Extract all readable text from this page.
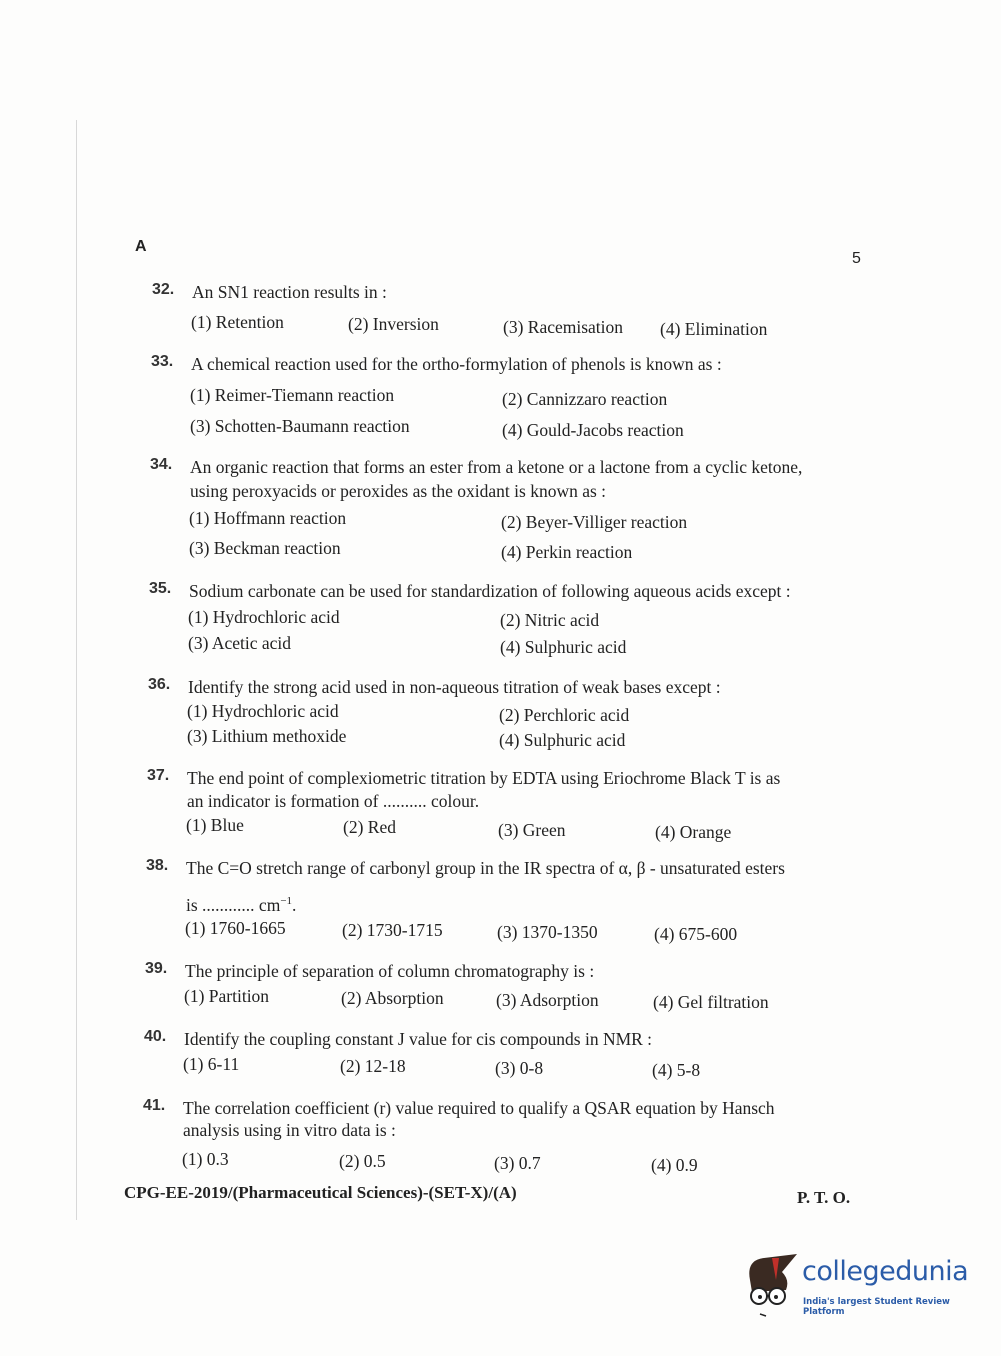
A
5
32. An SN1 reaction results in :
(1) Retention	(2) Inversion	(3) Racemisation (4) Elimination
33. A chemical reaction used for the ortho-formylation of phenols is known as :
(1) Reimer-Tiemann reaction	(2) Cannizzaro reaction
(3) Schotten-Baumann reaction	(4) Gould-Jacobs reaction
34. An organic reaction that forms an ester from a ketone or a lactone from a cyclic ketone,
using peroxyacids or peroxides as the oxidant is known as :
(1) Hoffmann reaction	(2) Beyer-Villiger reaction
(3) Beckman reaction	(4) Perkin reaction
35. Sodium carbonate can be used for standardization of following aqueous acids except :
(1) Hydrochloric acid	(2) Nitric acid
(3) Acetic acid	(4) Sulphuric acid
36. Identify the strong acid used in non-aqueous titration of weak bases except :
(1) Hydrochloric acid	(2) Perchloric acid
(3) Lithium methoxide	(4) Sulphuric acid
37. The end point of complexiometric titration by EDTA using Eriochrome Black T is as
an indicator is formation of .......... colour.
(1) Blue	(2) Red	(3) Green	(4) Orange
38. The C=O stretch range of carbonyl group in the IR spectra of α, β - unsaturated esters
is ............ $cm^{-1}$.
(1) 1760-1665	(2) 1730-1715	(3) 1370-1350	(4) 675-600
39. The principle of separation of column chromatography is :
(1) Partition	(2) Absorption	(3) Adsorption	(4) Gel filtration
40. Identify the coupling constant J value for cis compounds in NMR :
(1) 6-11	(2) 12-18	(3) 0-8	(4) 5-8
41. The correlation coefficient (r) value required to qualify a QSAR equation by Hansch
analysis using in vitro data is :
(1) 0.3	(2) 0.5	(3) 0.7	(4) 0.9
CPG-EE-2019/(Pharmaceutical Sciences)-(SET-X)/(A)	P. T. O.
collegedunia
India's largest Student Review Platform
